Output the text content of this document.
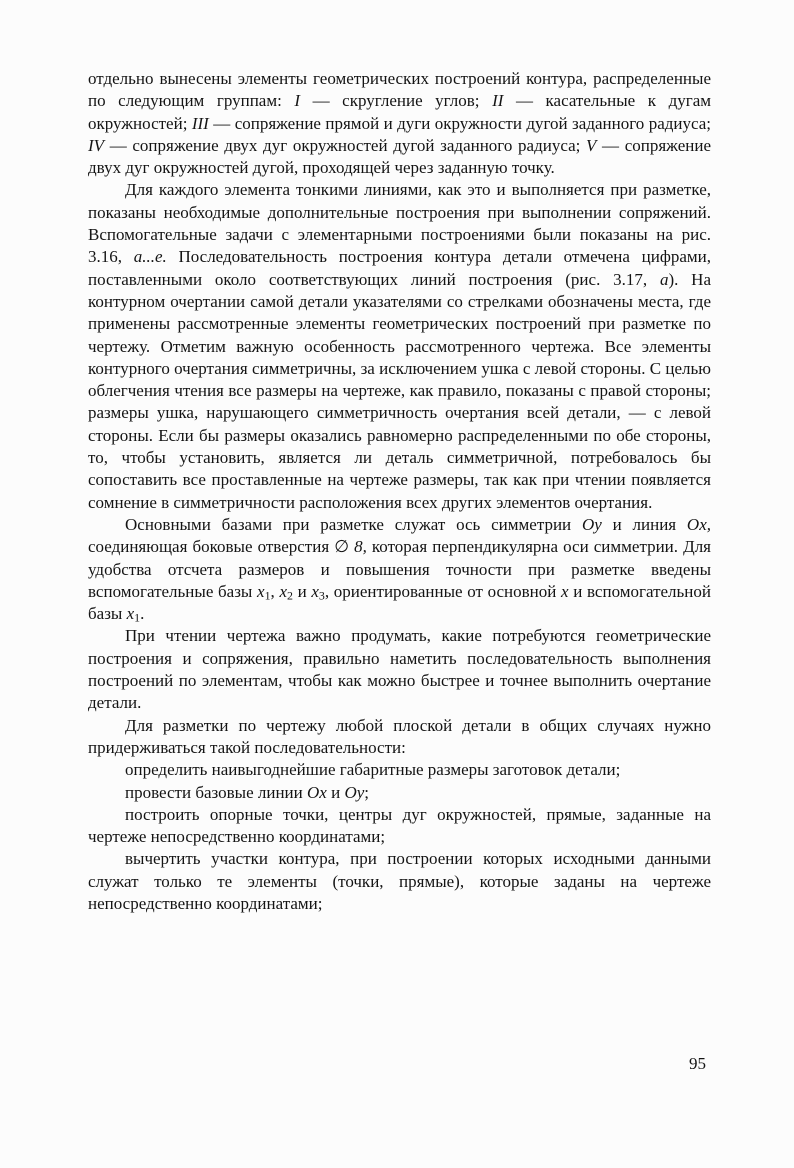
отдельно вынесены элементы геометрических построений контура, распределенные по следующим группам: I — скругление углов; II — касательные к дугам окружностей; III — сопряжение прямой и дуги окружности дугой заданного радиуса; IV — сопряжение двух дуг окружностей дугой заданного радиуса; V — сопряжение двух дуг окружностей дугой, проходящей через заданную точку.

Для каждого элемента тонкими линиями, как это и выполняется при разметке, показаны необходимые дополнительные построения при выполнении сопряжений. Вспомогательные задачи с элементарными построениями были показаны на рис. 3.16, а...е. Последовательность построения контура детали отмечена цифрами, поставленными около соответствующих линий построения (рис. 3.17, а). На контурном очертании самой детали указателями со стрелками обозначены места, где применены рассмотренные элементы геометрических построений при разметке по чертежу. Отметим важную особенность рассмотренного чертежа. Все элементы контурного очертания симметричны, за исключением ушка с левой стороны. С целью облегчения чтения все размеры на чертеже, как правило, показаны с правой стороны; размеры ушка, нарушающего симметричность очертания всей детали, — с левой стороны. Если бы размеры оказались равномерно распределенными по обе стороны, то, чтобы установить, является ли деталь симметричной, потребовалось бы сопоставить все проставленные на чертеже размеры, так как при чтении появляется сомнение в симметричности расположения всех других элементов очертания.

Основными базами при разметке служат ось симметрии Оу и линия Ох, соединяющая боковые отверстия ∅ 8, которая перпендикулярна оси симметрии. Для удобства отсчета размеров и повышения точности при разметке введены вспомогательные базы $x_1$, $x_2$ и $x_3$, ориентированные от основной x и вспомогательной базы $x_1$.

При чтении чертежа важно продумать, какие потребуются геометрические построения и сопряжения, правильно наметить последовательность выполнения построений по элементам, чтобы как можно быстрее и точнее выполнить очертание детали.

Для разметки по чертежу любой плоской детали в общих случаях нужно придерживаться такой последовательности:

определить наивыгоднейшие габаритные размеры заготовок детали;

провести базовые линии Ох и Оу;

построить опорные точки, центры дуг окружностей, прямые, заданные на чертеже непосредственно координатами;

вычертить участки контура, при построении которых исходными данными служат только те элементы (точки, прямые), которые заданы на чертеже непосредственно координатами;

95
